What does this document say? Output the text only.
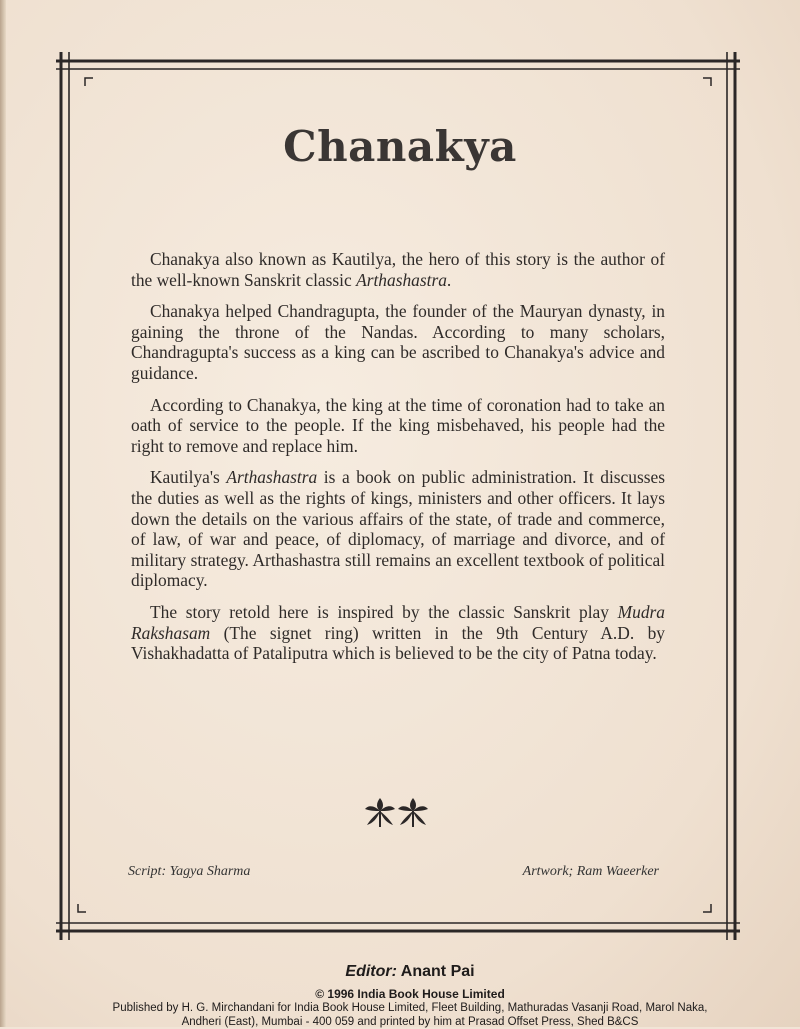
Chanakya

Chanakya also known as Kautilya, the hero of this story is the author of the well-known Sanskrit classic Arthashastra.

Chanakya helped Chandragupta, the founder of the Mauryan dynasty, in gaining the throne of the Nandas. According to many scholars, Chandragupta's success as a king can be ascribed to Chanakya's advice and guidance.

According to Chanakya, the king at the time of coronation had to take an oath of service to the people. If the king misbehaved, his people had the right to remove and replace him.

Kautilya's Arthashastra is a book on public administration. It discusses the duties as well as the rights of kings, ministers and other officers. It lays down the details on the various affairs of the state, of trade and commerce, of law, of war and peace, of diplomacy, of marriage and divorce, and of military strategy. Arthashastra still remains an excellent textbook of political diplomacy.

The story retold here is inspired by the classic Sanskrit play Mudra Rakshasam (The signet ring) written in the 9th Century A.D. by Vishakhadatta of Pataliputra which is believed to be the city of Patna today.

Script: Yagya Sharma	Artwork; Ram Waeerker
Editor: Anant Pai
© 1996 India Book House Limited
Published by H. G. Mirchandani for India Book House Limited, Fleet Building, Mathuradas Vasanji Road, Marol Naka,
Andheri (East), Mumbai - 400 059 and printed by him at Prasad Offset Press, Shed B&CS
